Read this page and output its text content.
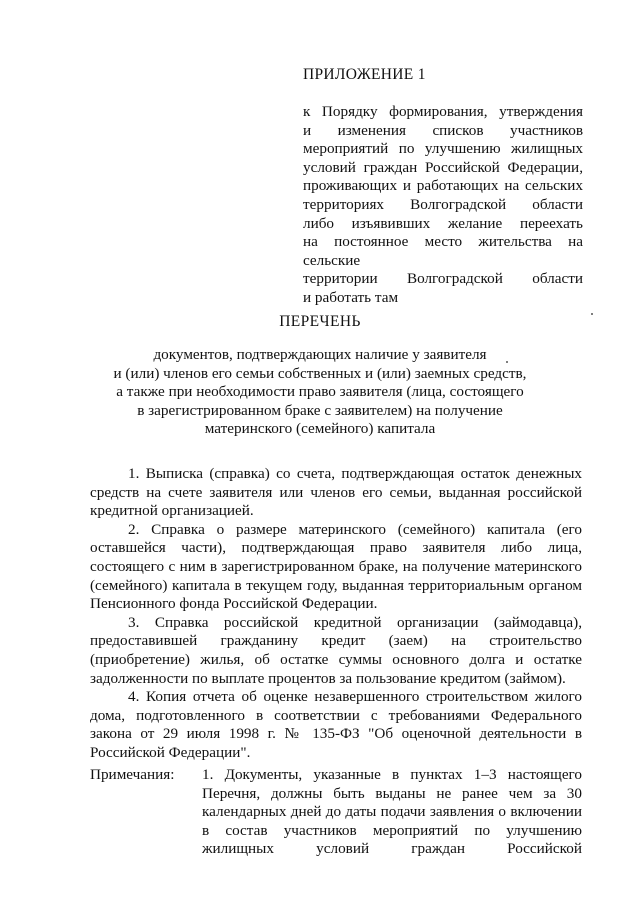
ПРИЛОЖЕНИЕ 1
к Порядку формирования, утверждения
и изменения списков участников
мероприятий по улучшению жилищных
условий граждан Российской Федерации,
проживающих и работающих на сельских
территориях Волгоградской области
либо изъявивших желание переехать
на постоянное место жительства на сельские
территории Волгоградской области
и работать там
ПЕРЕЧЕНЬ
документов, подтверждающих наличие у заявителя
и (или) членов его семьи собственных и (или) заемных средств,
а также при необходимости право заявителя (лица, состоящего
в зарегистрированном браке с заявителем) на получение
материнского (семейного) капитала

1. Выписка (справка) со счета, подтверждающая остаток денежных средств на счете заявителя или членов его семьи, выданная российской кредитной организацией.

2. Справка о размере материнского (семейного) капитала (его оставшейся части), подтверждающая право заявителя либо лица, состоящего с ним в зарегистрированном браке, на получение материнского (семейного) капитала в текущем году, выданная территориальным органом Пенсионного фонда Российской Федерации.

3. Справка российской кредитной организации (займодавца), предоставившей гражданину кредит (заем) на строительство (приобретение) жилья, об остатке суммы основного долга и остатке задолженности по выплате процентов за пользование кредитом (займом).

4. Копия отчета об оценке незавершенного строительством жилого дома, подготовленного в соответствии с требованиями Федерального закона от 29 июля 1998 г. № 135-ФЗ "Об оценочной деятельности в Российской Федерации".

Примечания: 1. Документы, указанные в пунктах 1–3 настоящего Перечня, должны быть выданы не ранее чем за 30 календарных дней до даты подачи заявления о включении в состав участников мероприятий по улучшению жилищных условий граждан Российской
